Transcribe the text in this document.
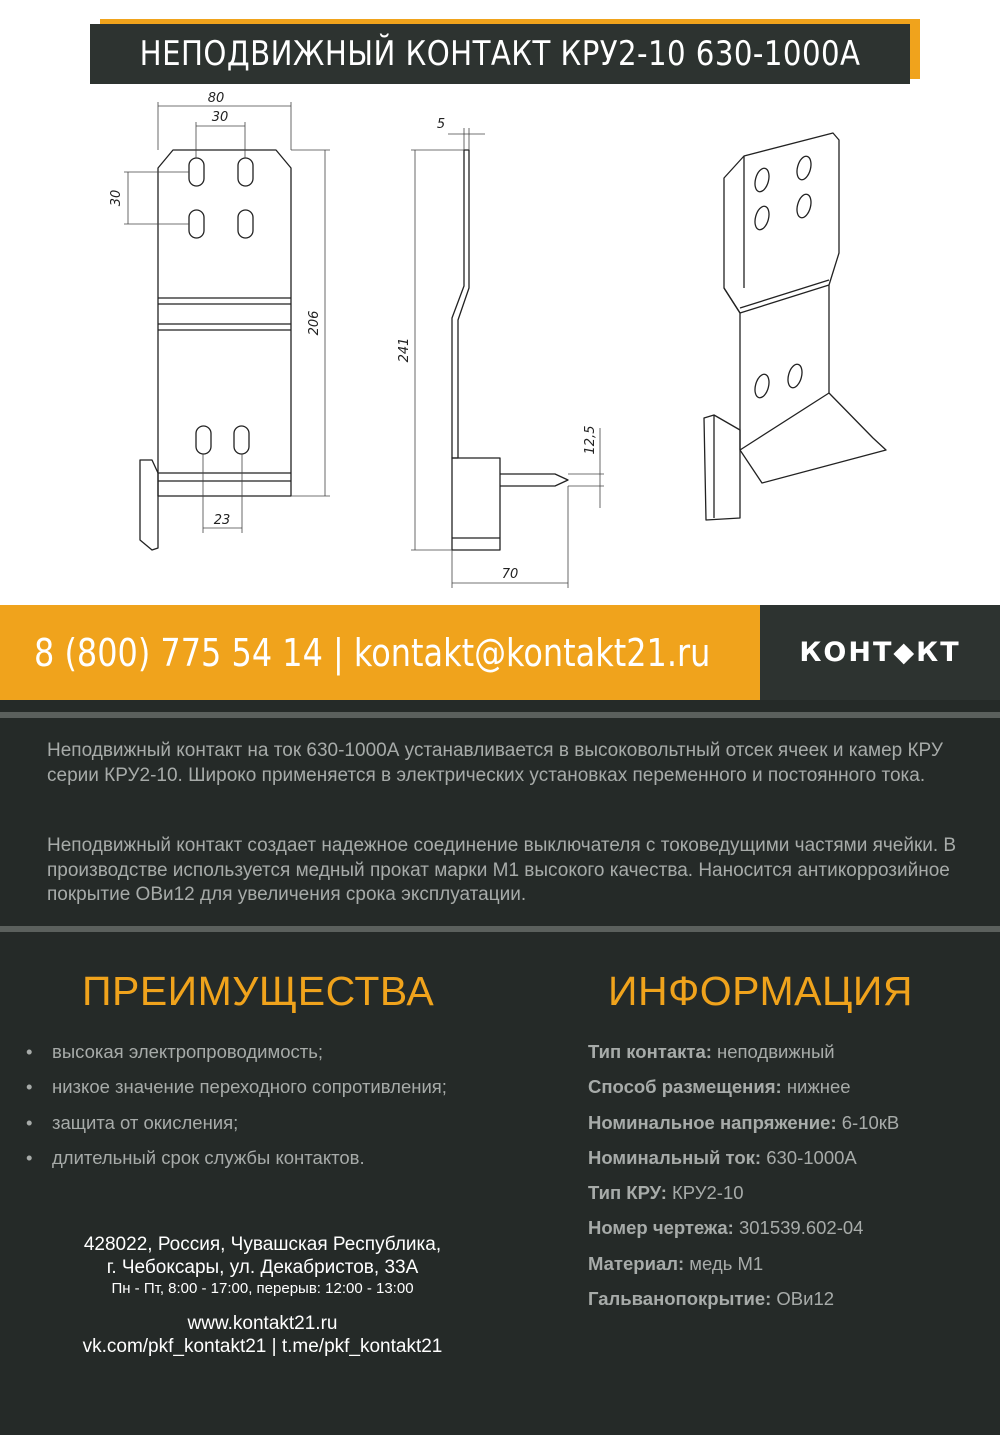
НЕПОДВИЖНЫЙ КОНТАКТ КРУ2-10 630-1000А
80
30
30
206
23
5
241
12,5
70
8 (800) 775 54 14 | kontakt@kontakt21.ru	КОНТ◆КТ

Неподвижный контакт на ток 630-1000А устанавливается в высоковольтный отсек ячеек и камер КРУ серии КРУ2-10. Широко применяется в электрических установках переменного и постоянного тока.

Неподвижный контакт создает надежное соединение выключателя с токоведущими частями ячейки. В производстве используется медный прокат марки М1 высокого качества. Наносится антикоррозийное покрытие ОВи12 для увеличения срока эксплуатации.

ПРЕИМУЩЕСТВА	ИНФОРМАЦИЯ
• высокая электропроводимость;
• низкое значение переходного сопротивления;
• защита от окисления;
• длительный срок службы контактов.
Тип контакта: неподвижный
Способ размещения: нижнее
Номинальное напряжение: 6-10кВ
Номинальный ток: 630-1000А
Тип КРУ: КРУ2-10
Номер чертежа: 301539.602-04
Материал: медь М1
Гальванопокрытие: ОВи12
428022, Россия, Чувашская Республика,
г. Чебоксары, ул. Декабристов, 33А
Пн - Пт, 8:00 - 17:00, перерыв: 12:00 - 13:00
www.kontakt21.ru
vk.com/pkf_kontakt21 | t.me/pkf_kontakt21
